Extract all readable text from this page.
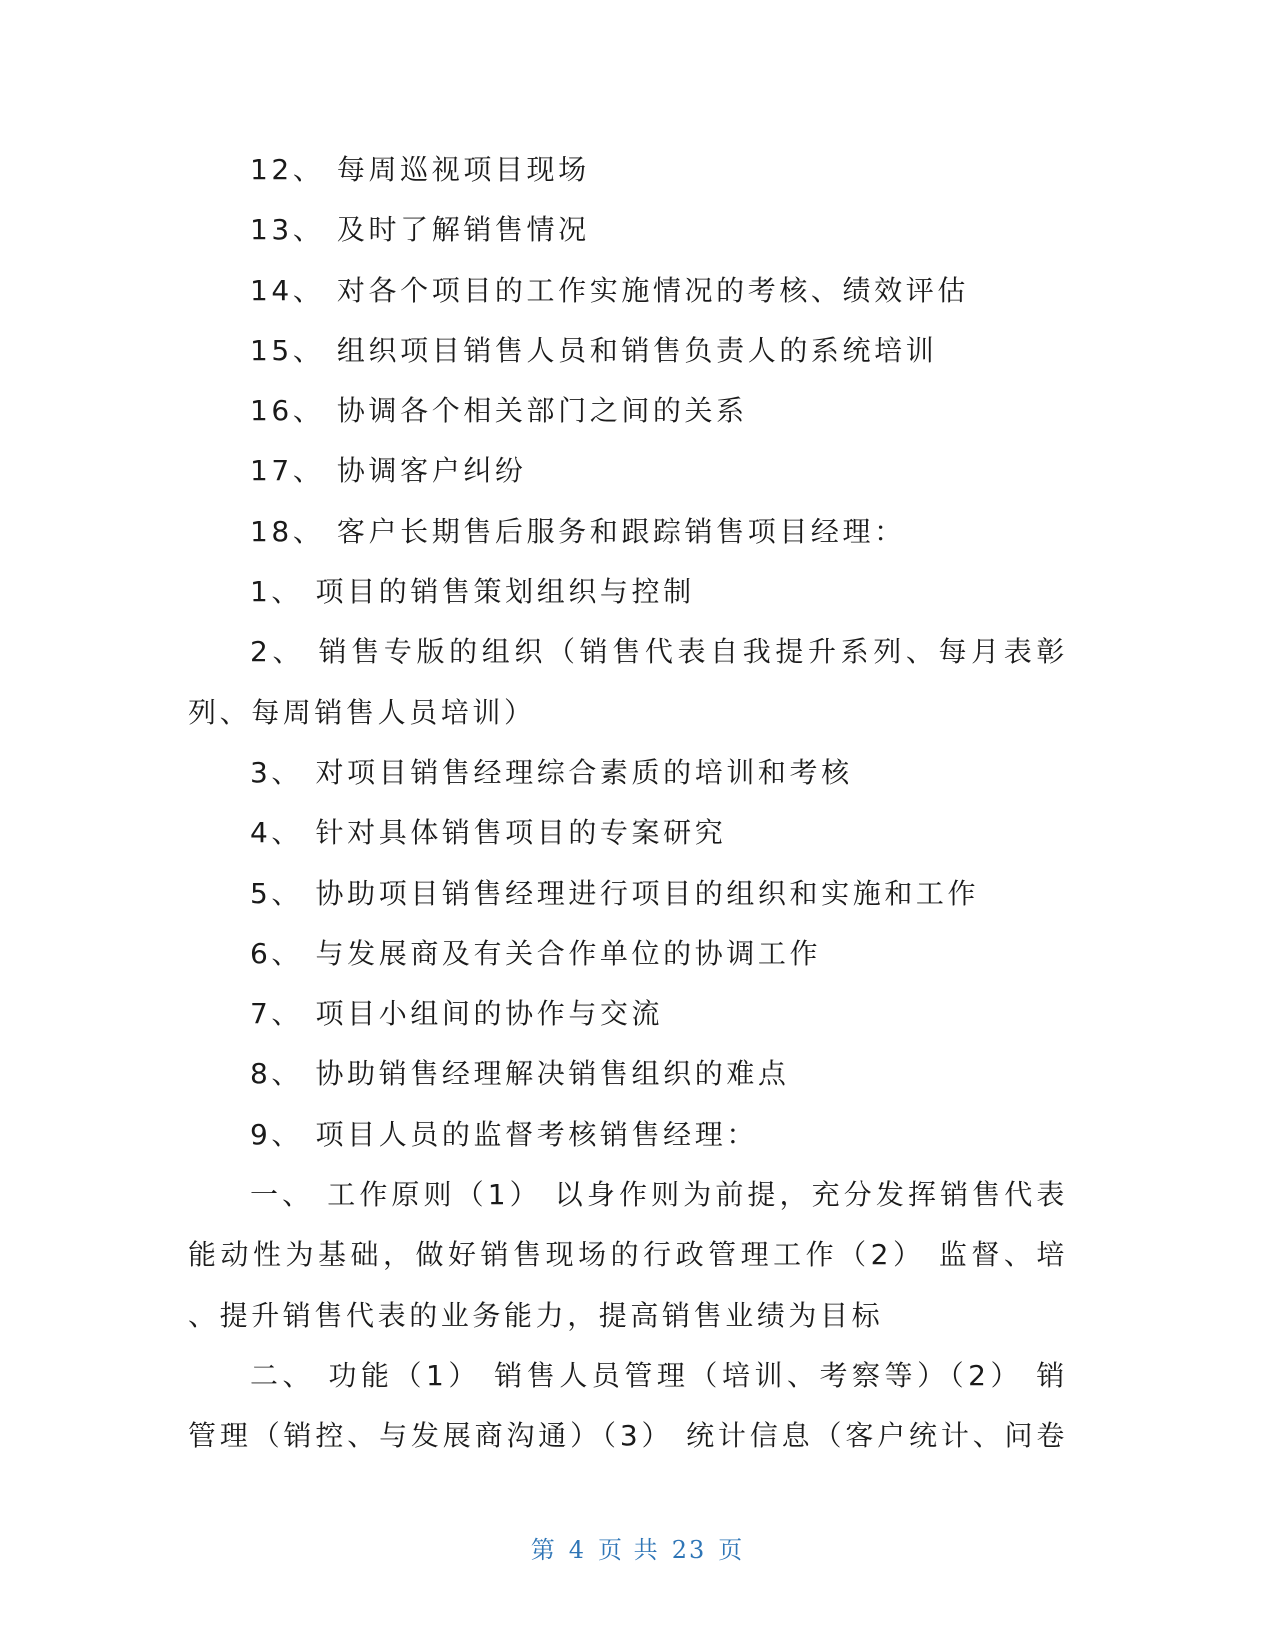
12、 每周巡视项目现场
13、 及时了解销售情况
14、 对各个项目的工作实施情况的考核、绩效评估
15、 组织项目销售人员和销售负责人的系统培训
16、 协调各个相关部门之间的关系
17、 协调客户纠纷
18、 客户长期售后服务和跟踪销售项目经理：
1、 项目的销售策划组织与控制
2、 销售专版的组织（销售代表自我提升系列、每月表彰
列、每周销售人员培训）
3、 对项目销售经理综合素质的培训和考核
4、 针对具体销售项目的专案研究
5、 协助项目销售经理进行项目的组织和实施和工作
6、 与发展商及有关合作单位的协调工作
7、 项目小组间的协作与交流
8、 协助销售经理解决销售组织的难点
9、 项目人员的监督考核销售经理：
一、 工作原则（1） 以身作则为前提，充分发挥销售代表
能动性为基础，做好销售现场的行政管理工作（2） 监督、培
、提升销售代表的业务能力，提高销售业绩为目标
二、 功能（1） 销售人员管理（培训、考察等）（2） 销
管理（销控、与发展商沟通）（3） 统计信息（客户统计、问卷
第 4 页 共 23 页
